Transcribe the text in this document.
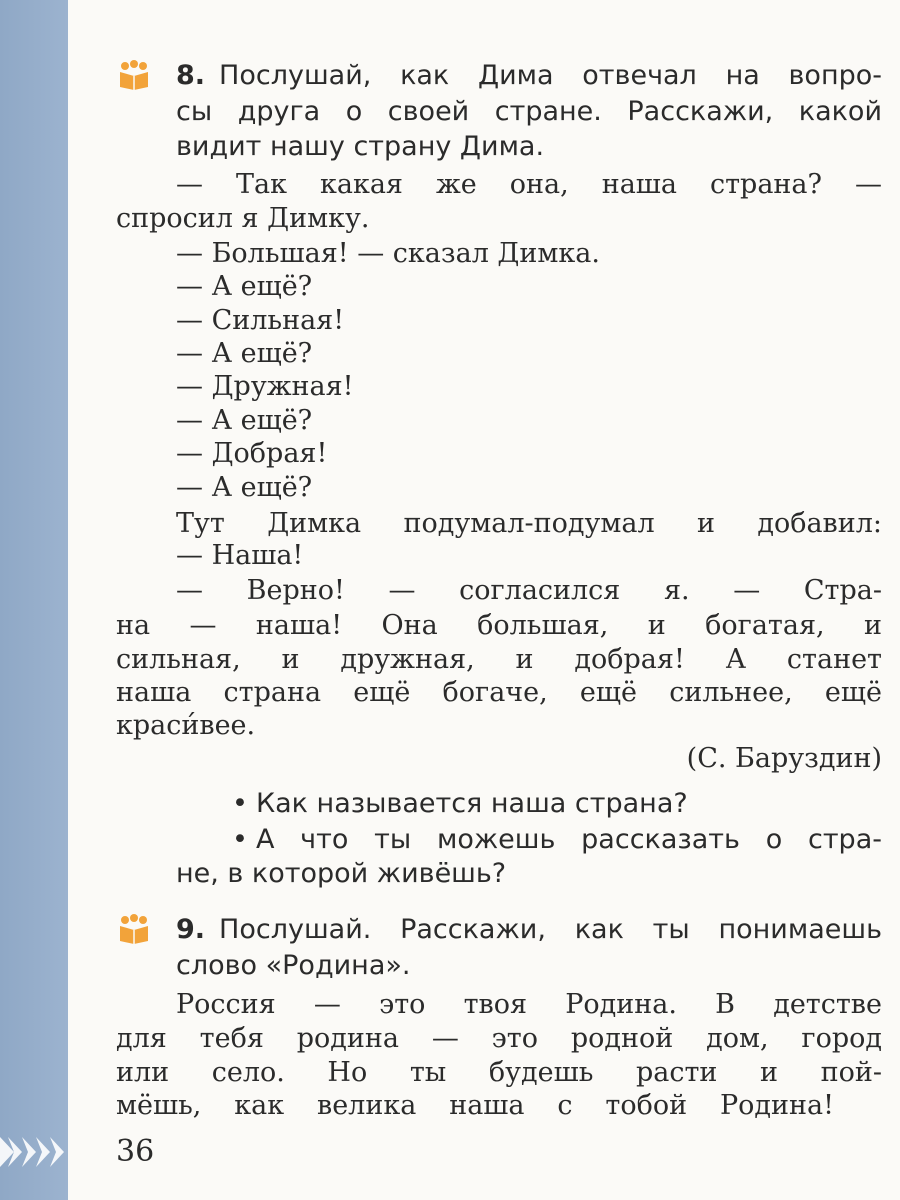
8. Послушай, как Дима отвечал на вопро-
сы друга о своей стране. Расскажи, какой
видит нашу страну Дима.
— Так какая же она, наша страна? —
спросил я Димку.
— Большая! — сказал Димка.
— А ещё?
— Сильная!
— А ещё?
— Дружная!
— А ещё?
— Добрая!
— А ещё?
Тут Димка подумал-подумал и добавил:
— Наша!
— Верно! — согласился я. — Стра-
на — наша! Она большая, и богатая, и
сильная, и дружная, и добрая! А станет
наша страна ещё богаче, ещё сильнее, ещё
краси́вее.
(С. Баруздин)
• Как называется наша страна?
• А что ты можешь рассказать о стра-
не, в которой живёшь?
9. Послушай. Расскажи, как ты понимаешь
слово «Родина».
Россия — это твоя Родина. В детстве
для тебя родина — это родной дом, город
или село. Но ты будешь расти и пой-
мёшь, как велика наша с тобой Родина!
36
